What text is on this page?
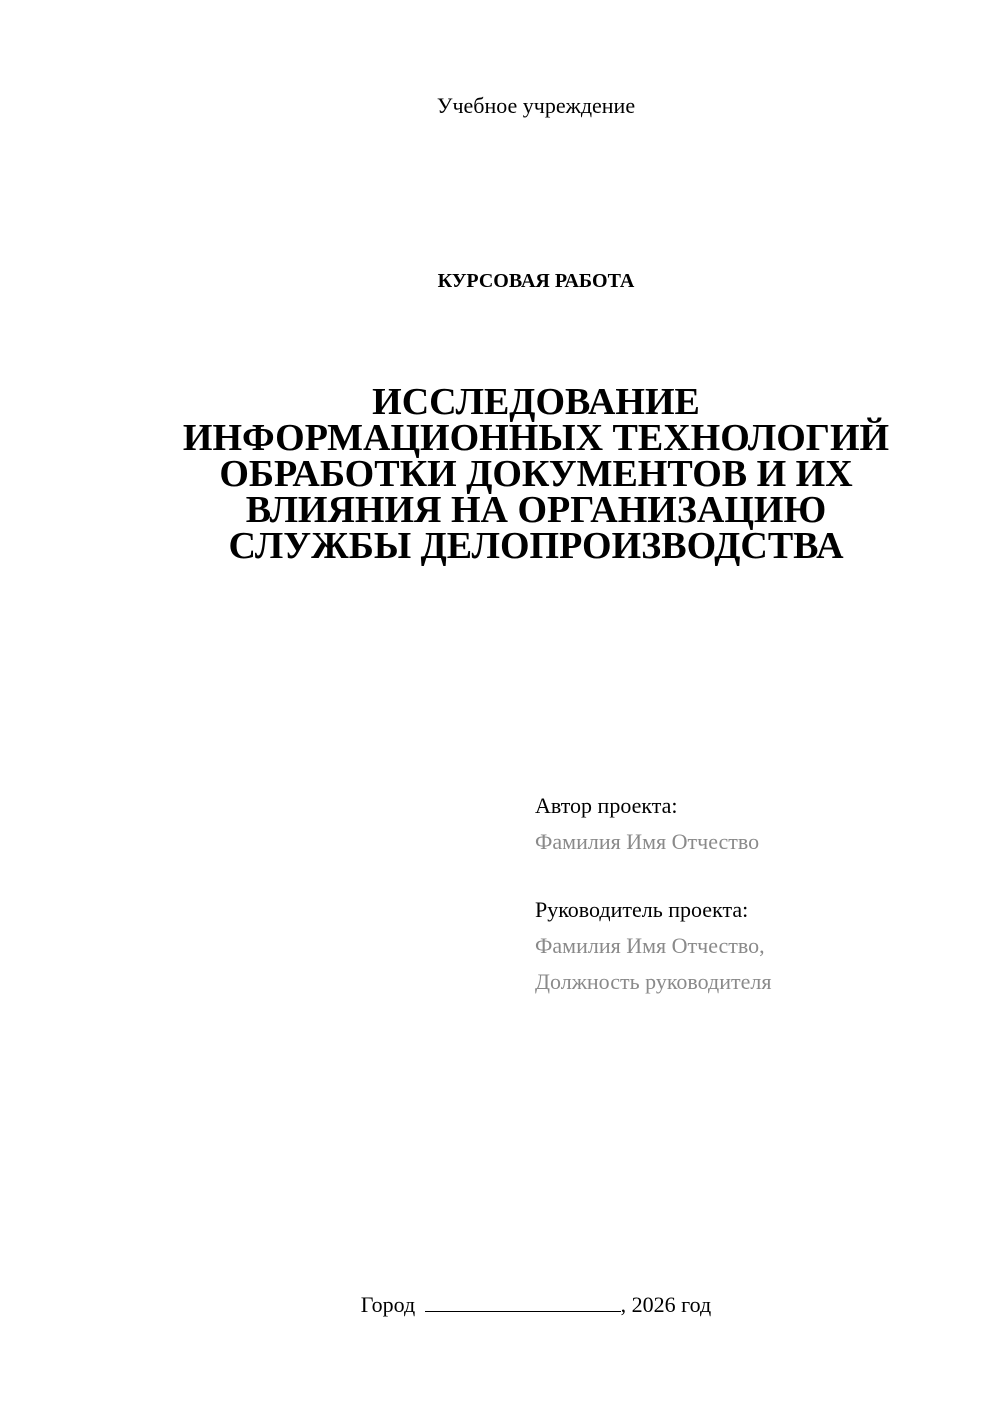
Учебное учреждение
КУРСОВАЯ РАБОТА
ИССЛЕДОВАНИЕ
ИНФОРМАЦИОННЫХ ТЕХНОЛОГИЙ
ОБРАБОТКИ ДОКУМЕНТОВ И ИХ
ВЛИЯНИЯ НА ОРГАНИЗАЦИЮ
СЛУЖБЫ ДЕЛОПРОИЗВОДСТВА
Автор проекта:
Фамилия Имя Отчество
Руководитель проекта:
Фамилия Имя Отчество,
Должность руководителя
Город	, 2026 год
